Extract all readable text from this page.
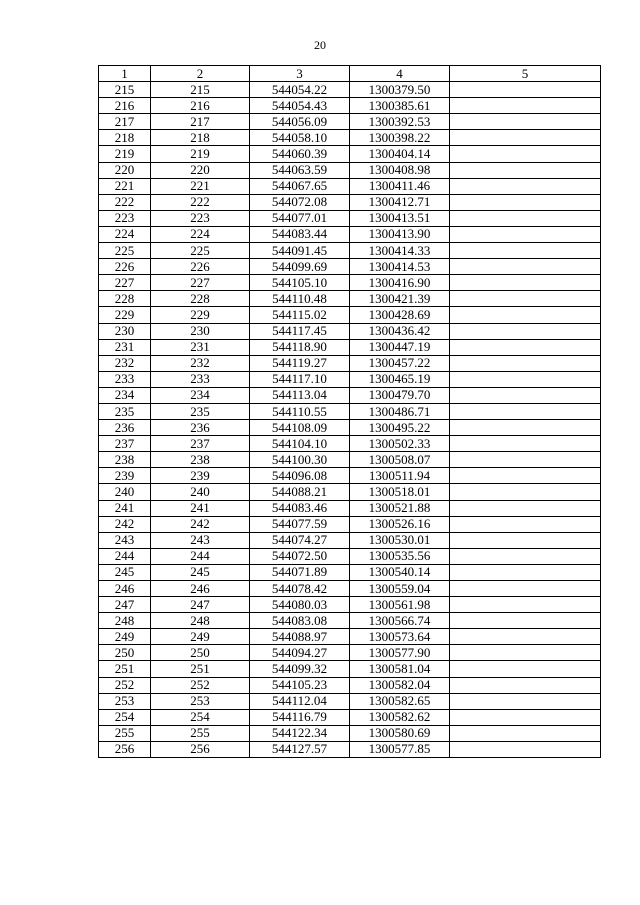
20
1	2	3	4	5
215	215	544054.22	1300379.50	
216	216	544054.43	1300385.61	
217	217	544056.09	1300392.53	
218	218	544058.10	1300398.22	
219	219	544060.39	1300404.14	
220	220	544063.59	1300408.98	
221	221	544067.65	1300411.46	
222	222	544072.08	1300412.71	
223	223	544077.01	1300413.51	
224	224	544083.44	1300413.90	
225	225	544091.45	1300414.33	
226	226	544099.69	1300414.53	
227	227	544105.10	1300416.90	
228	228	544110.48	1300421.39	
229	229	544115.02	1300428.69	
230	230	544117.45	1300436.42	
231	231	544118.90	1300447.19	
232	232	544119.27	1300457.22	
233	233	544117.10	1300465.19	
234	234	544113.04	1300479.70	
235	235	544110.55	1300486.71	
236	236	544108.09	1300495.22	
237	237	544104.10	1300502.33	
238	238	544100.30	1300508.07	
239	239	544096.08	1300511.94	
240	240	544088.21	1300518.01	
241	241	544083.46	1300521.88	
242	242	544077.59	1300526.16	
243	243	544074.27	1300530.01	
244	244	544072.50	1300535.56	
245	245	544071.89	1300540.14	
246	246	544078.42	1300559.04	
247	247	544080.03	1300561.98	
248	248	544083.08	1300566.74	
249	249	544088.97	1300573.64	
250	250	544094.27	1300577.90	
251	251	544099.32	1300581.04	
252	252	544105.23	1300582.04	
253	253	544112.04	1300582.65	
254	254	544116.79	1300582.62	
255	255	544122.34	1300580.69	
256	256	544127.57	1300577.85	
